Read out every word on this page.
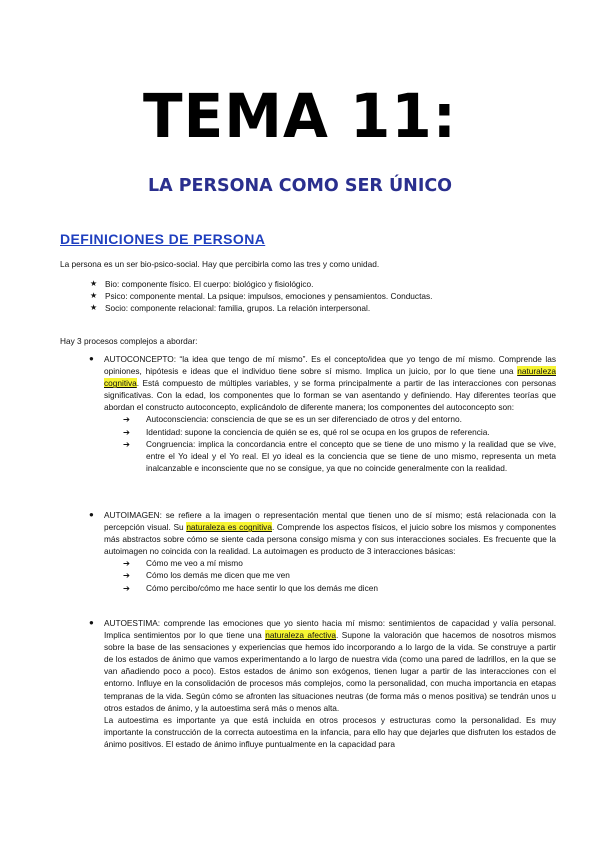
TEMA 11:
LA PERSONA COMO SER ÚNICO
DEFINICIONES DE PERSONA

La persona es un ser bio-psico-social. Hay que percibirla como las tres y como unidad.

★ Bio: componente físico. El cuerpo: biológico y fisiológico.
★ Psico: componente mental. La psique: impulsos, emociones y pensamientos. Conductas.
★ Socio: componente relacional: familia, grupos. La relación interpersonal.

Hay 3 procesos complejos a abordar:

● AUTOCONCEPTO: “la idea que tengo de mí mismo”. Es el concepto/idea que yo tengo de mí mismo. Comprende las opiniones, hipótesis e ideas que el individuo tiene sobre sí mismo. Implica un juicio, por lo que tiene una naturaleza cognitiva. Está compuesto de múltiples variables, y se forma principalmente a partir de las interacciones con personas significativas. Con la edad, los componentes que lo forman se van asentando y definiendo. Hay diferentes teorías que abordan el constructo autoconcepto, explicándolo de diferente manera; los componentes del autoconcepto son:
➔ Autoconsciencia: consciencia de que se es un ser diferenciado de otros y del entorno.
➔ Identidad: supone la conciencia de quién se es, qué rol se ocupa en los grupos de referencia.
➔ Congruencia: implica la concordancia entre el concepto que se tiene de uno mismo y la realidad que se vive, entre el Yo ideal y el Yo real. El yo ideal es la conciencia que se tiene de uno mismo, representa un meta inalcanzable e inconsciente que no se consigue, ya que no coincide generalmente con la realidad.
● AUTOIMAGEN: se refiere a la imagen o representación mental que tienen uno de sí mismo; está relacionada con la percepción visual. Su naturaleza es cognitiva. Comprende los aspectos físicos, el juicio sobre los mismos y componentes más abstractos sobre cómo se siente cada persona consigo misma y con sus interacciones sociales. Es frecuente que la autoimagen no coincida con la realidad. La autoimagen es producto de 3 interacciones básicas:
➔ Cómo me veo a mí mismo
➔ Cómo los demás me dicen que me ven
➔ Cómo percibo/cómo me hace sentir lo que los demás me dicen
● AUTOESTIMA: comprende las emociones que yo siento hacia mí mismo: sentimientos de capacidad y valía personal. Implica sentimientos por lo que tiene una naturaleza afectiva. Supone la valoración que hacemos de nosotros mismos sobre la base de las sensaciones y experiencias que hemos ido incorporando a lo largo de la vida. Se construye a partir de los estados de ánimo que vamos experimentando a lo largo de nuestra vida (como una pared de ladrillos, en la que se van añadiendo poco a poco). Estos estados de ánimo son exógenos, tienen lugar a partir de las interacciones con el entorno. Influye en la consolidación de procesos más complejos, como la personalidad, con mucha importancia en etapas tempranas de la vida. Según cómo se afronten las situaciones neutras (de forma más o menos positiva) se tendrán unos u otros estados de ánimo, y la autoestima será más o menos alta.

La autoestima es importante ya que está incluida en otros procesos y estructuras como la personalidad. Es muy importante la construcción de la correcta autoestima en la infancia, para ello hay que dejarles que disfruten los estados de ánimo positivos. El estado de ánimo influye puntualmente en la capacidad para
